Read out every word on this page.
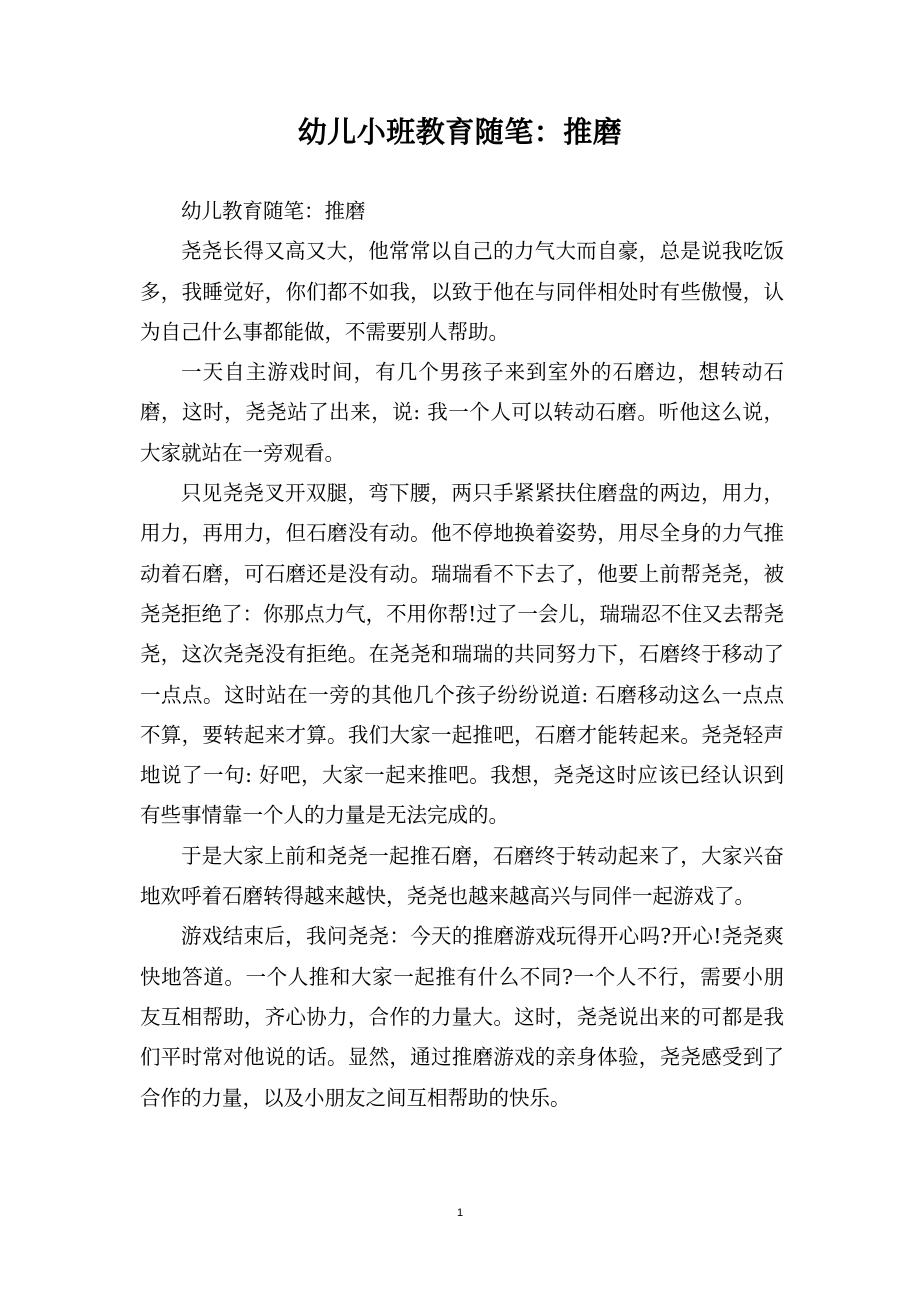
幼儿小班教育随笔：推磨

幼儿教育随笔：推磨

尧尧长得又高又大，他常常以自己的力气大而自豪，总是说我吃饭多，我睡觉好，你们都不如我，以致于他在与同伴相处时有些傲慢，认为自己什么事都能做，不需要别人帮助。

一天自主游戏时间，有几个男孩子来到室外的石磨边，想转动石磨，这时，尧尧站了出来，说: 我一个人可以转动石磨。听他这么说，大家就站在一旁观看。

只见尧尧叉开双腿，弯下腰，两只手紧紧扶住磨盘的两边，用力，用力，再用力，但石磨没有动。他不停地换着姿势，用尽全身的力气推动着石磨，可石磨还是没有动。瑞瑞看不下去了，他要上前帮尧尧，被尧尧拒绝了：你那点力气，不用你帮!过了一会儿，瑞瑞忍不住又去帮尧尧，这次尧尧没有拒绝。在尧尧和瑞瑞的共同努力下，石磨终于移动了一点点。这时站在一旁的其他几个孩子纷纷说道: 石磨移动这么一点点不算，要转起来才算。我们大家一起推吧，石磨才能转起来。尧尧轻声地说了一句: 好吧，大家一起来推吧。我想，尧尧这时应该已经认识到有些事情靠一个人的力量是无法完成的。

于是大家上前和尧尧一起推石磨，石磨终于转动起来了，大家兴奋地欢呼着石磨转得越来越快，尧尧也越来越高兴与同伴一起游戏了。

游戏结束后，我问尧尧：今天的推磨游戏玩得开心吗?开心!尧尧爽快地答道。一个人推和大家一起推有什么不同?一个人不行，需要小朋友互相帮助，齐心协力，合作的力量大。这时，尧尧说出来的可都是我们平时常对他说的话。显然，通过推磨游戏的亲身体验，尧尧感受到了合作的力量，以及小朋友之间互相帮助的快乐。

1
